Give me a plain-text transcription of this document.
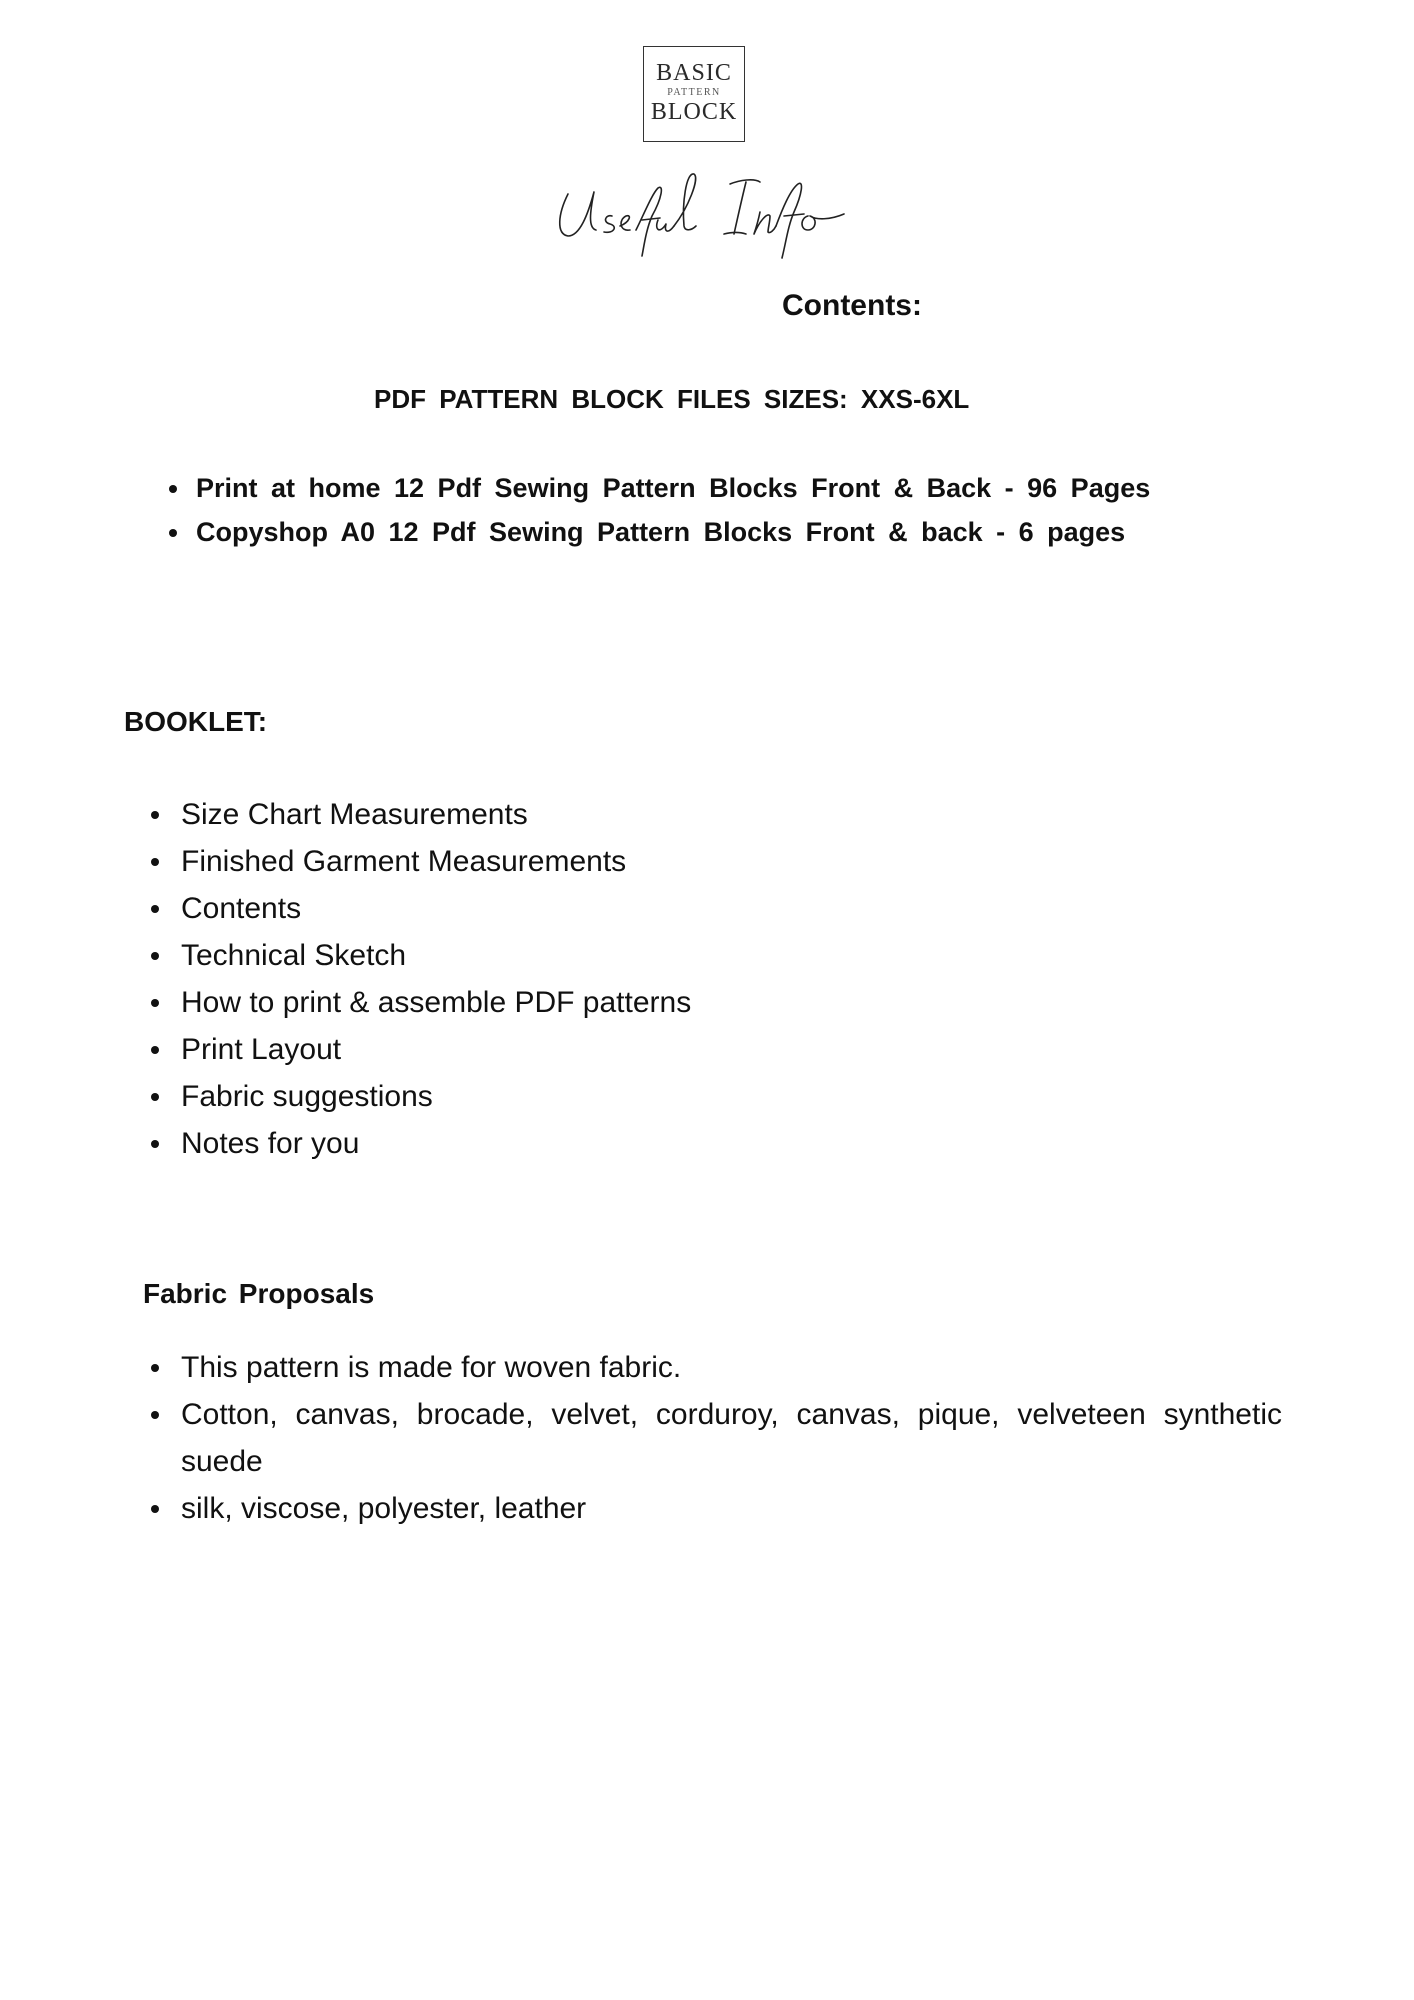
BASIC
PATTERN
BLOCK
Contents:
PDF PATTERN BLOCK FILES SIZES: XXS-6XL
Print at home 12 Pdf Sewing Pattern Blocks Front & Back - 96 Pages
Copyshop A0 12 Pdf Sewing Pattern Blocks Front & back - 6 pages
BOOKLET:
Size Chart Measurements
Finished Garment Measurements
Contents
Technical Sketch
How to print & assemble PDF patterns
Print Layout
Fabric suggestions
Notes for you
Fabric Proposals
This pattern is made for woven fabric.
Cotton, canvas, brocade, velvet, corduroy, canvas, pique, velveteen synthetic suede
silk, viscose, polyester, leather
